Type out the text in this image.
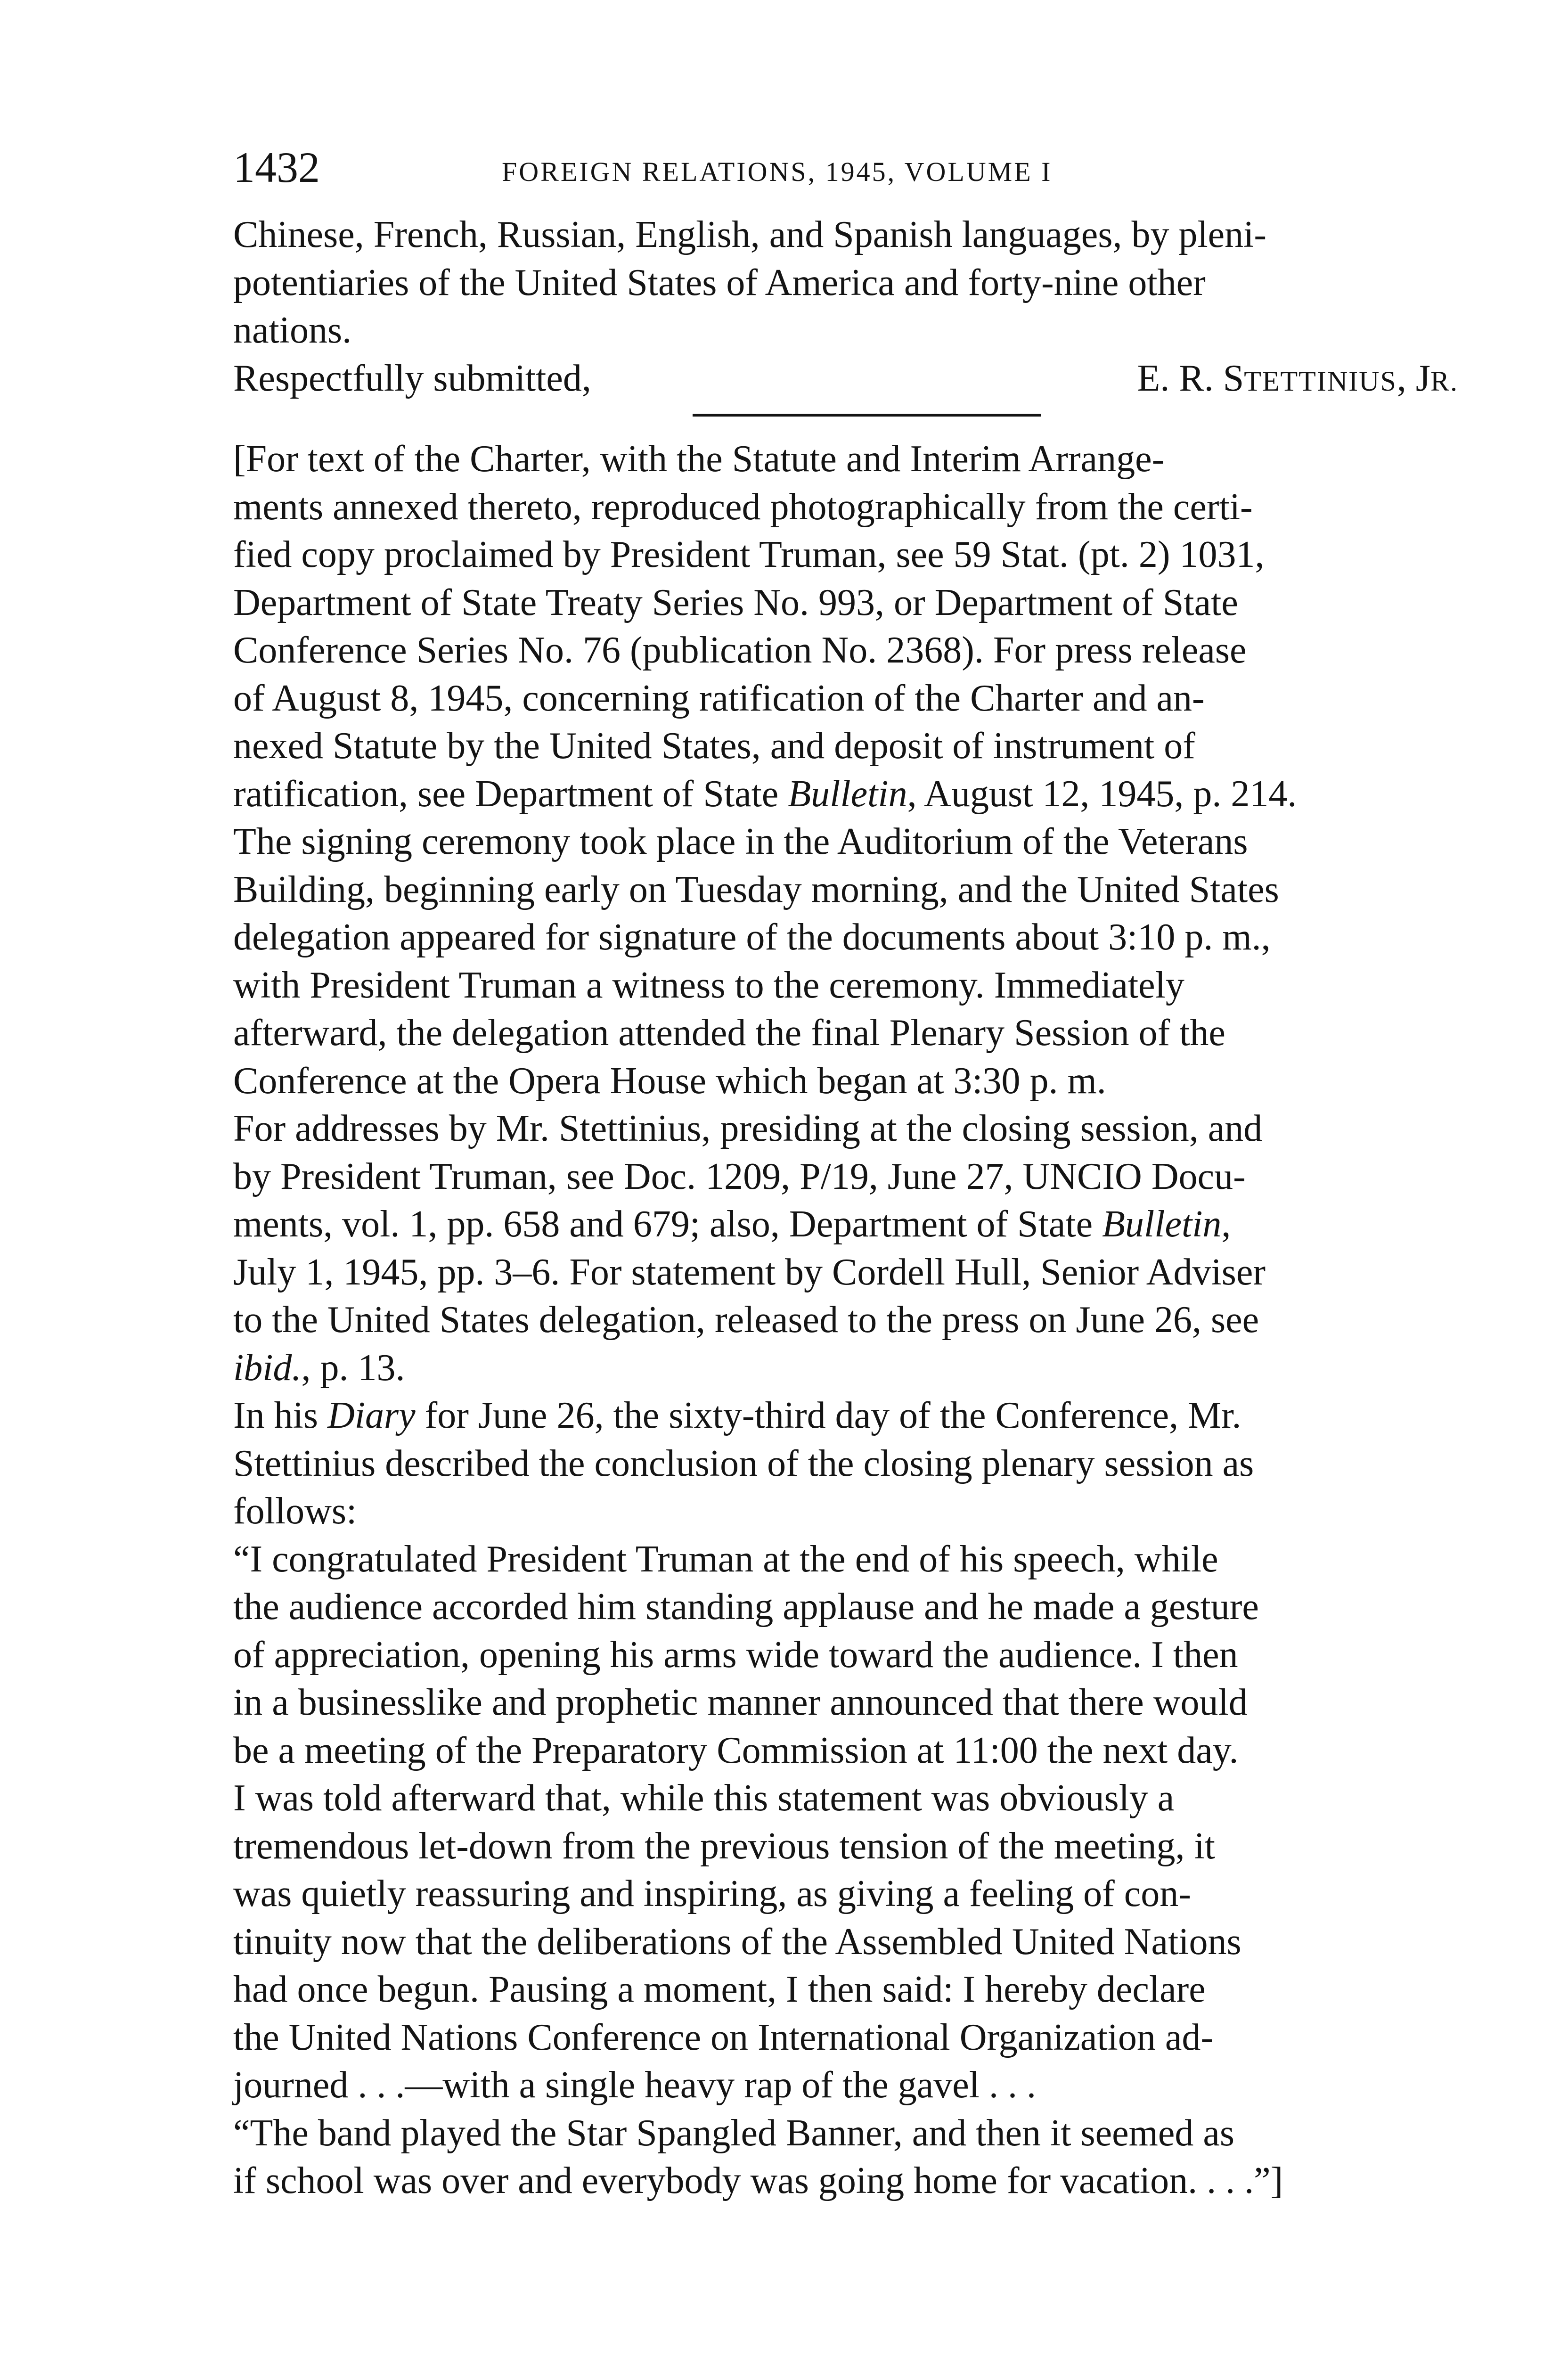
1432	FOREIGN RELATIONS, 1945, VOLUME I
Chinese, French, Russian, English, and Spanish languages, by pleni-
potentiaries of the United States of America and forty-nine other
nations.
Respectfully submitted,	E. R. STETTINIUS, JR.
[For text of the Charter, with the Statute and Interim Arrange-
ments annexed thereto, reproduced photographically from the certi-
fied copy proclaimed by President Truman, see 59 Stat. (pt. 2) 1031,
Department of State Treaty Series No. 993, or Department of State
Conference Series No. 76 (publication No. 2368). For press release
of August 8, 1945, concerning ratification of the Charter and an-
nexed Statute by the United States, and deposit of instrument of
ratification, see Department of State Bulletin, August 12, 1945, p. 214.
The signing ceremony took place in the Auditorium of the Veterans
Building, beginning early on Tuesday morning, and the United States
delegation appeared for signature of the documents about 3:10 p. m.,
with President Truman a witness to the ceremony. Immediately
afterward, the delegation attended the final Plenary Session of the
Conference at the Opera House which began at 3:30 p. m.
For addresses by Mr. Stettinius, presiding at the closing session, and
by President Truman, see Doc. 1209, P/19, June 27, UNCIO Docu-
ments, vol. 1, pp. 658 and 679; also, Department of State Bulletin,
July 1, 1945, pp. 3–6. For statement by Cordell Hull, Senior Adviser
to the United States delegation, released to the press on June 26, see
ibid., p. 13.
In his Diary for June 26, the sixty-third day of the Conference, Mr.
Stettinius described the conclusion of the closing plenary session as
follows:
“I congratulated President Truman at the end of his speech, while
the audience accorded him standing applause and he made a gesture
of appreciation, opening his arms wide toward the audience. I then
in a businesslike and prophetic manner announced that there would
be a meeting of the Preparatory Commission at 11:00 the next day.
I was told afterward that, while this statement was obviously a
tremendous let-down from the previous tension of the meeting, it
was quietly reassuring and inspiring, as giving a feeling of con-
tinuity now that the deliberations of the Assembled United Nations
had once begun. Pausing a moment, I then said: I hereby declare
the United Nations Conference on International Organization ad-
journed . . .—with a single heavy rap of the gavel . . .
“The band played the Star Spangled Banner, and then it seemed as
if school was over and everybody was going home for vacation. . . .”]
